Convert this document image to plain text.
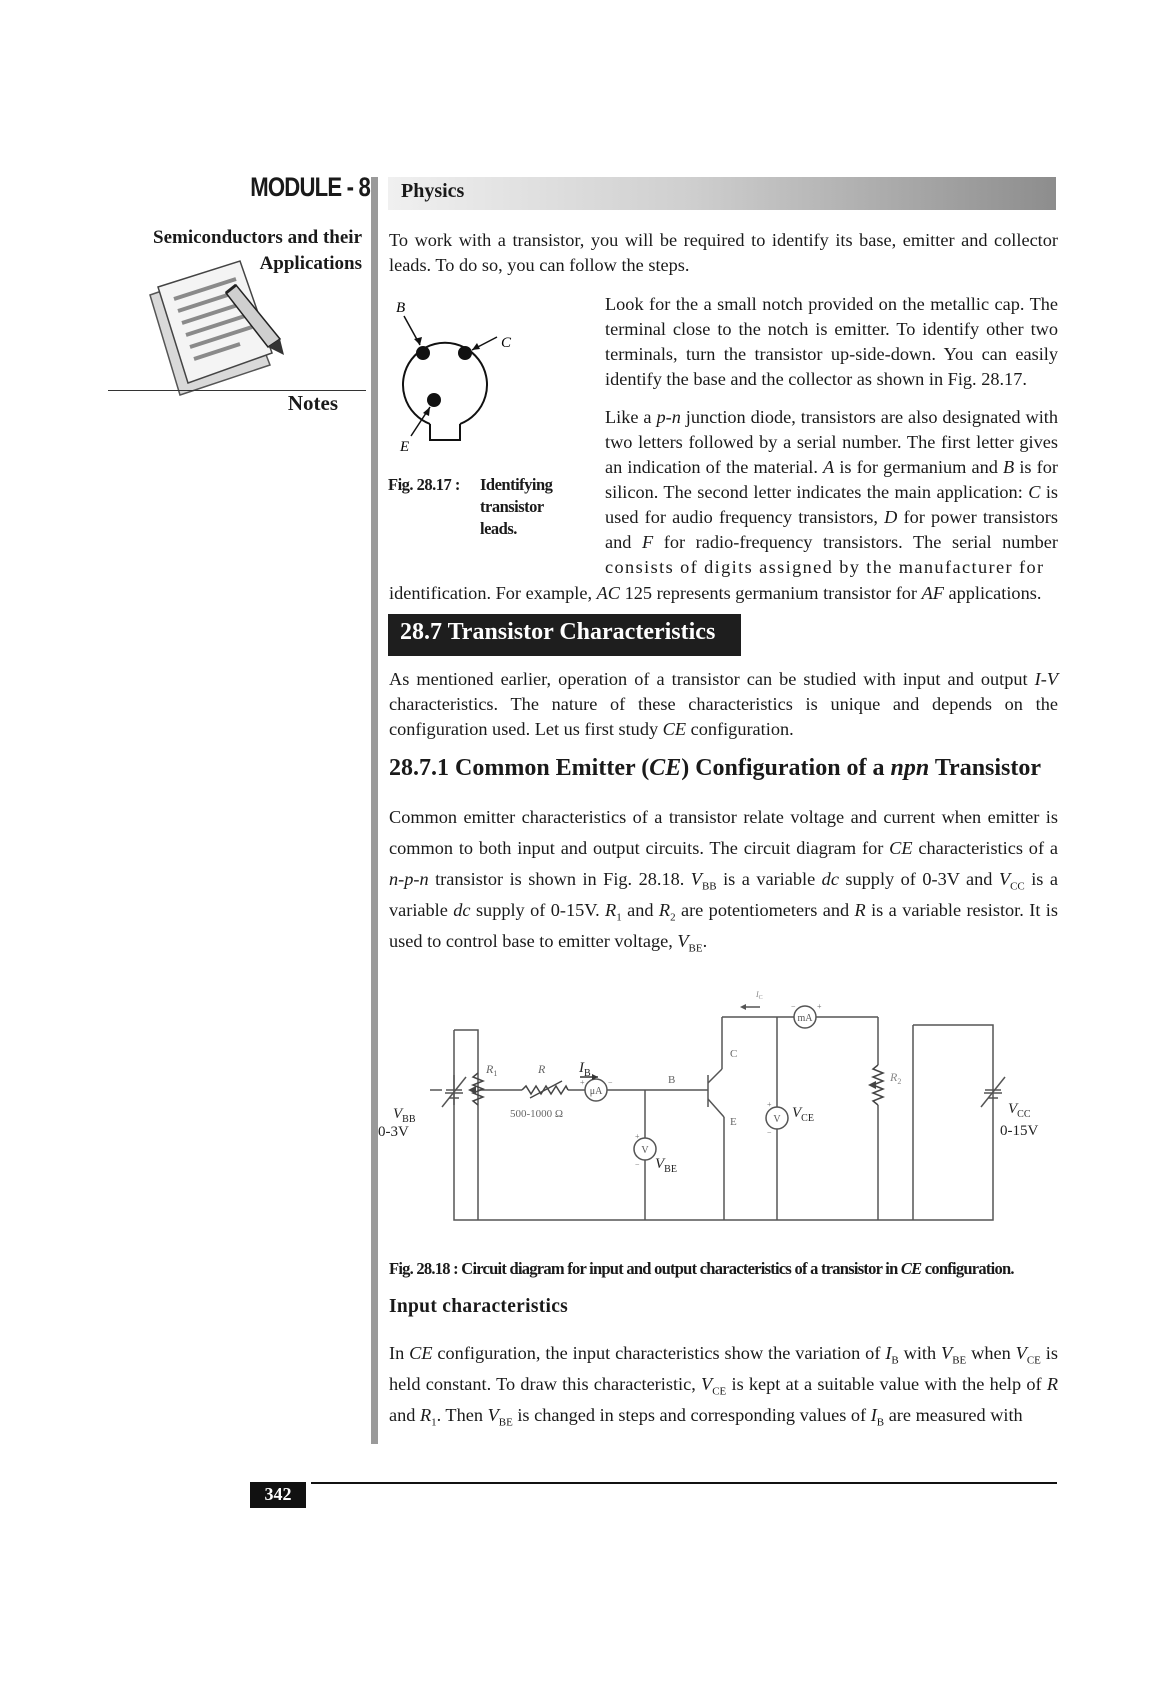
MODULE - 8
Semiconductors and their
Applications
Notes
Physics

To work with a transistor, you will be required to identify its base, emitter and collector leads. To do so, you can follow the steps.

B
C
E
Fig. 28.17 : Identifying
transistor
leads.

Look for the a small notch provided on the metallic cap. The terminal close to the notch is emitter. To identify other two terminals, turn the transistor up-side-down. You can easily identify the base and the collector as shown in Fig. 28.17.

Like a p-n junction diode, transistors are also designated with two letters followed by a serial number. The first letter gives an indication of the material. A is for germanium and B is for silicon. The second letter indicates the main application: C is used for audio frequency transistors, D for power transistors and F for radio-frequency transistors. The serial number consists of digits assigned by the manufacturer for

identification. For example, AC 125 represents germanium transistor for AF applications.

28.7 Transistor Characteristics

As mentioned earlier, operation of a transistor can be studied with input and output I-V characteristics. The nature of these characteristics is unique and depends on the configuration used. Let us first study CE configuration.

28.7.1 Common Emitter (CE) Configuration of a npn Transistor

Common emitter characteristics of a transistor relate voltage and current when emitter is common to both input and output circuits. The circuit diagram for CE characteristics of a n-p-n transistor is shown in Fig. 28.18. $V_{BB}$ is a variable dc supply of 0-3V and $V_{CC}$ is a variable dc supply of 0-15V. $R_1$ and $R_2$ are potentiometers and R is a variable resistor. It is used to control base to emitter voltage, $V_{BE}$.

μA
V
V
mA
$V_{BB}$
0-3V
$R_1$	R
500-1000 Ω
$I_B$
B
C
E
$V_{BE}$
$V_{CE}$
$I_C$
$R_2$
$V_{CC}$
0-15V
+	−
+
−
+
−
−	+
Fig. 28.18 : Circuit diagram for input and output characteristics of a transistor in CE configuration.
Input characteristics

In CE configuration, the input characteristics show the variation of $I_B$ with $V_{BE}$ when $V_{CE}$ is held constant. To draw this characteristic, $V_{CE}$ is kept at a suitable value with the help of R and $R_1$. Then $V_{BE}$ is changed in steps and corresponding values of $I_B$ are measured with

342
